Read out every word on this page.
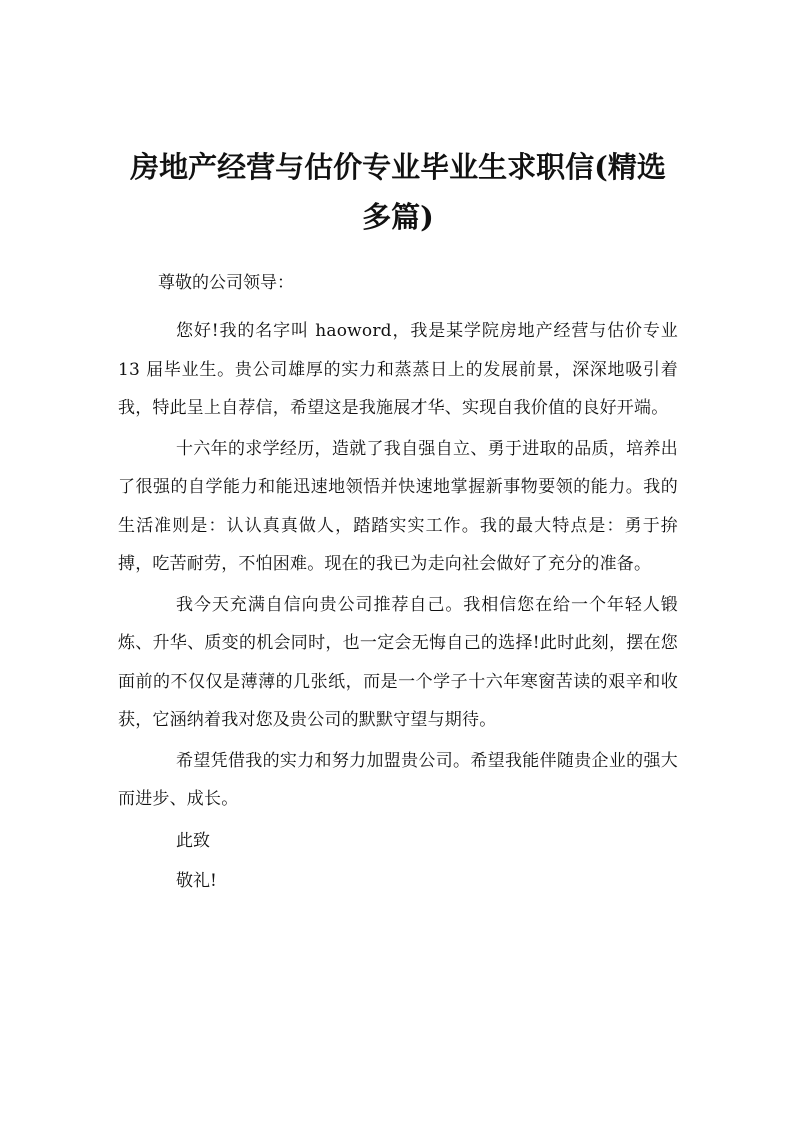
房地产经营与估价专业毕业生求职信(精选多篇)

尊敬的公司领导：

您好!我的名字叫 haoword，我是某学院房地产经营与估价专业 13 届毕业生。贵公司雄厚的实力和蒸蒸日上的发展前景，深深地吸引着我，特此呈上自荐信，希望这是我施展才华、实现自我价值的良好开端。

十六年的求学经历，造就了我自强自立、勇于进取的品质，培养出了很强的自学能力和能迅速地领悟并快速地掌握新事物要领的能力。我的生活准则是：认认真真做人，踏踏实实工作。我的最大特点是：勇于拚搏，吃苦耐劳，不怕困难。现在的我已为走向社会做好了充分的准备。

我今天充满自信向贵公司推荐自己。我相信您在给一个年轻人锻炼、升华、质变的机会同时，也一定会无悔自己的选择!此时此刻，摆在您面前的不仅仅是薄薄的几张纸，而是一个学子十六年寒窗苦读的艰辛和收获，它涵纳着我对您及贵公司的默默守望与期待。

希望凭借我的实力和努力加盟贵公司。希望我能伴随贵企业的强大而进步、成长。

此致

敬礼!
